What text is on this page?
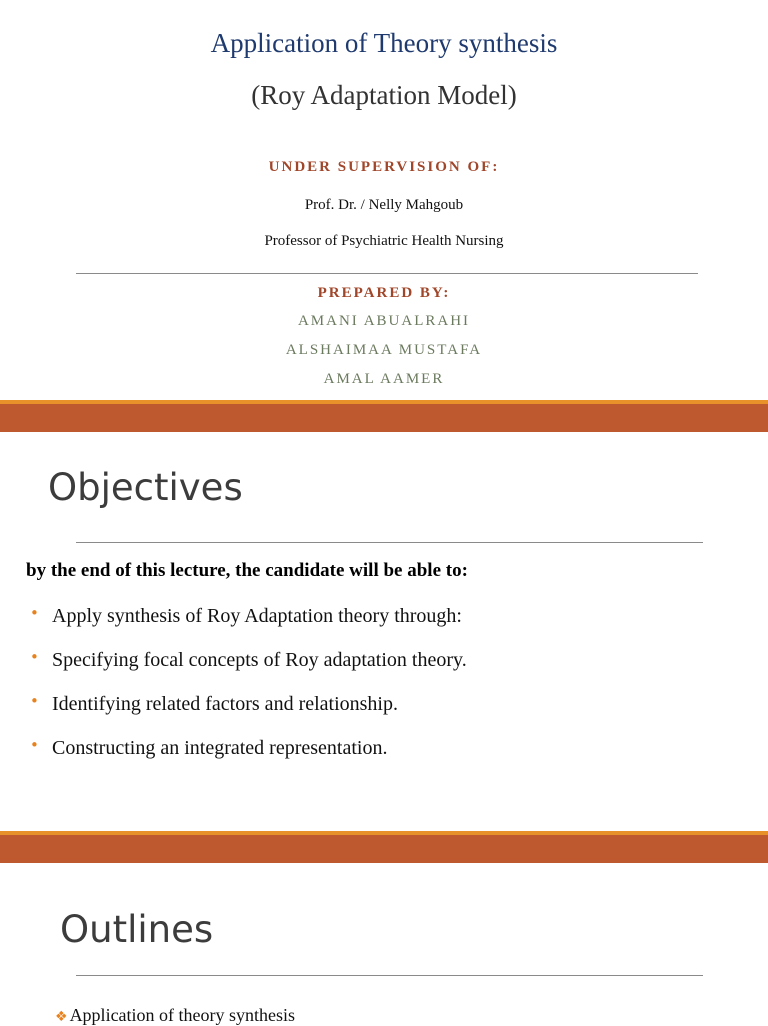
Application of Theory synthesis
(Roy Adaptation Model)
UNDER SUPERVISION OF:
Prof. Dr. / Nelly Mahgoub
Professor of Psychiatric Health Nursing
PREPARED BY:
AMANI ABUALRAHI
ALSHAIMAA MUSTAFA
AMAL AAMER
Objectives
by the end of this lecture, the candidate will be able to:
• Apply synthesis of Roy Adaptation theory through:
• Specifying focal concepts of Roy adaptation theory.
• Identifying related factors and relationship.
• Constructing an integrated representation.
Outlines
❖ Application of theory synthesis
